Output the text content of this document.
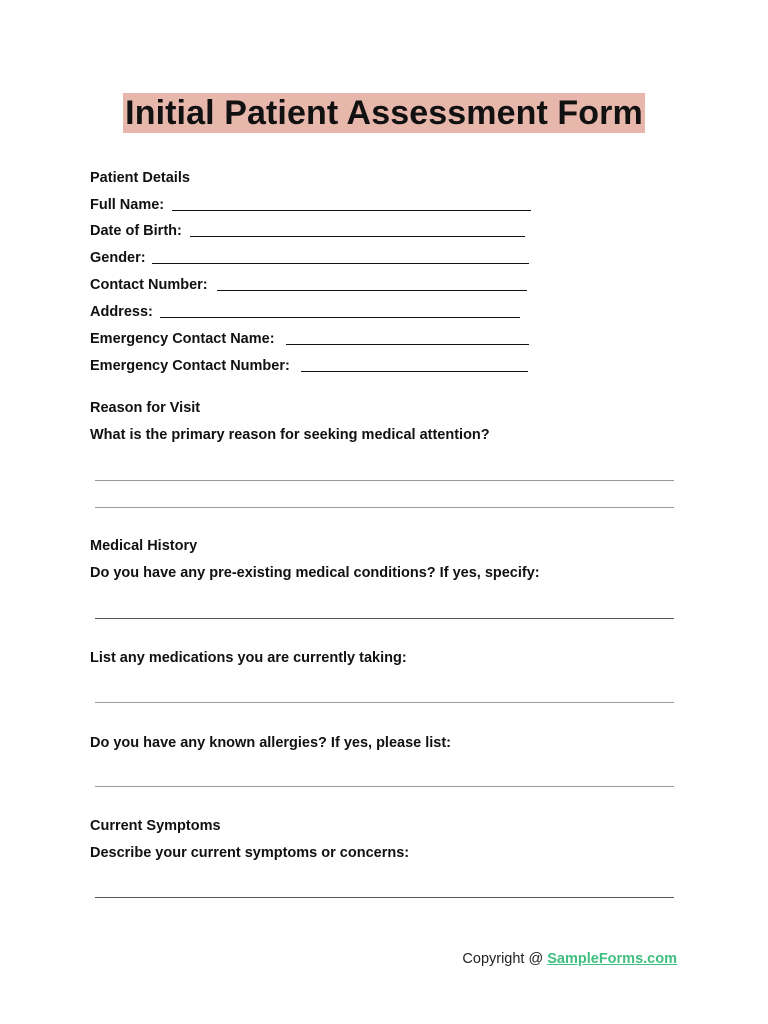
Initial Patient Assessment Form
Patient Details
Full Name:
Date of Birth:
Gender:
Contact Number:
Address:
Emergency Contact Name:
Emergency Contact Number:
Reason for Visit
What is the primary reason for seeking medical attention?
Medical History
Do you have any pre-existing medical conditions? If yes, specify:
List any medications you are currently taking:
Do you have any known allergies? If yes, please list:
Current Symptoms
Describe your current symptoms or concerns:
Copyright @ SampleForms.com
